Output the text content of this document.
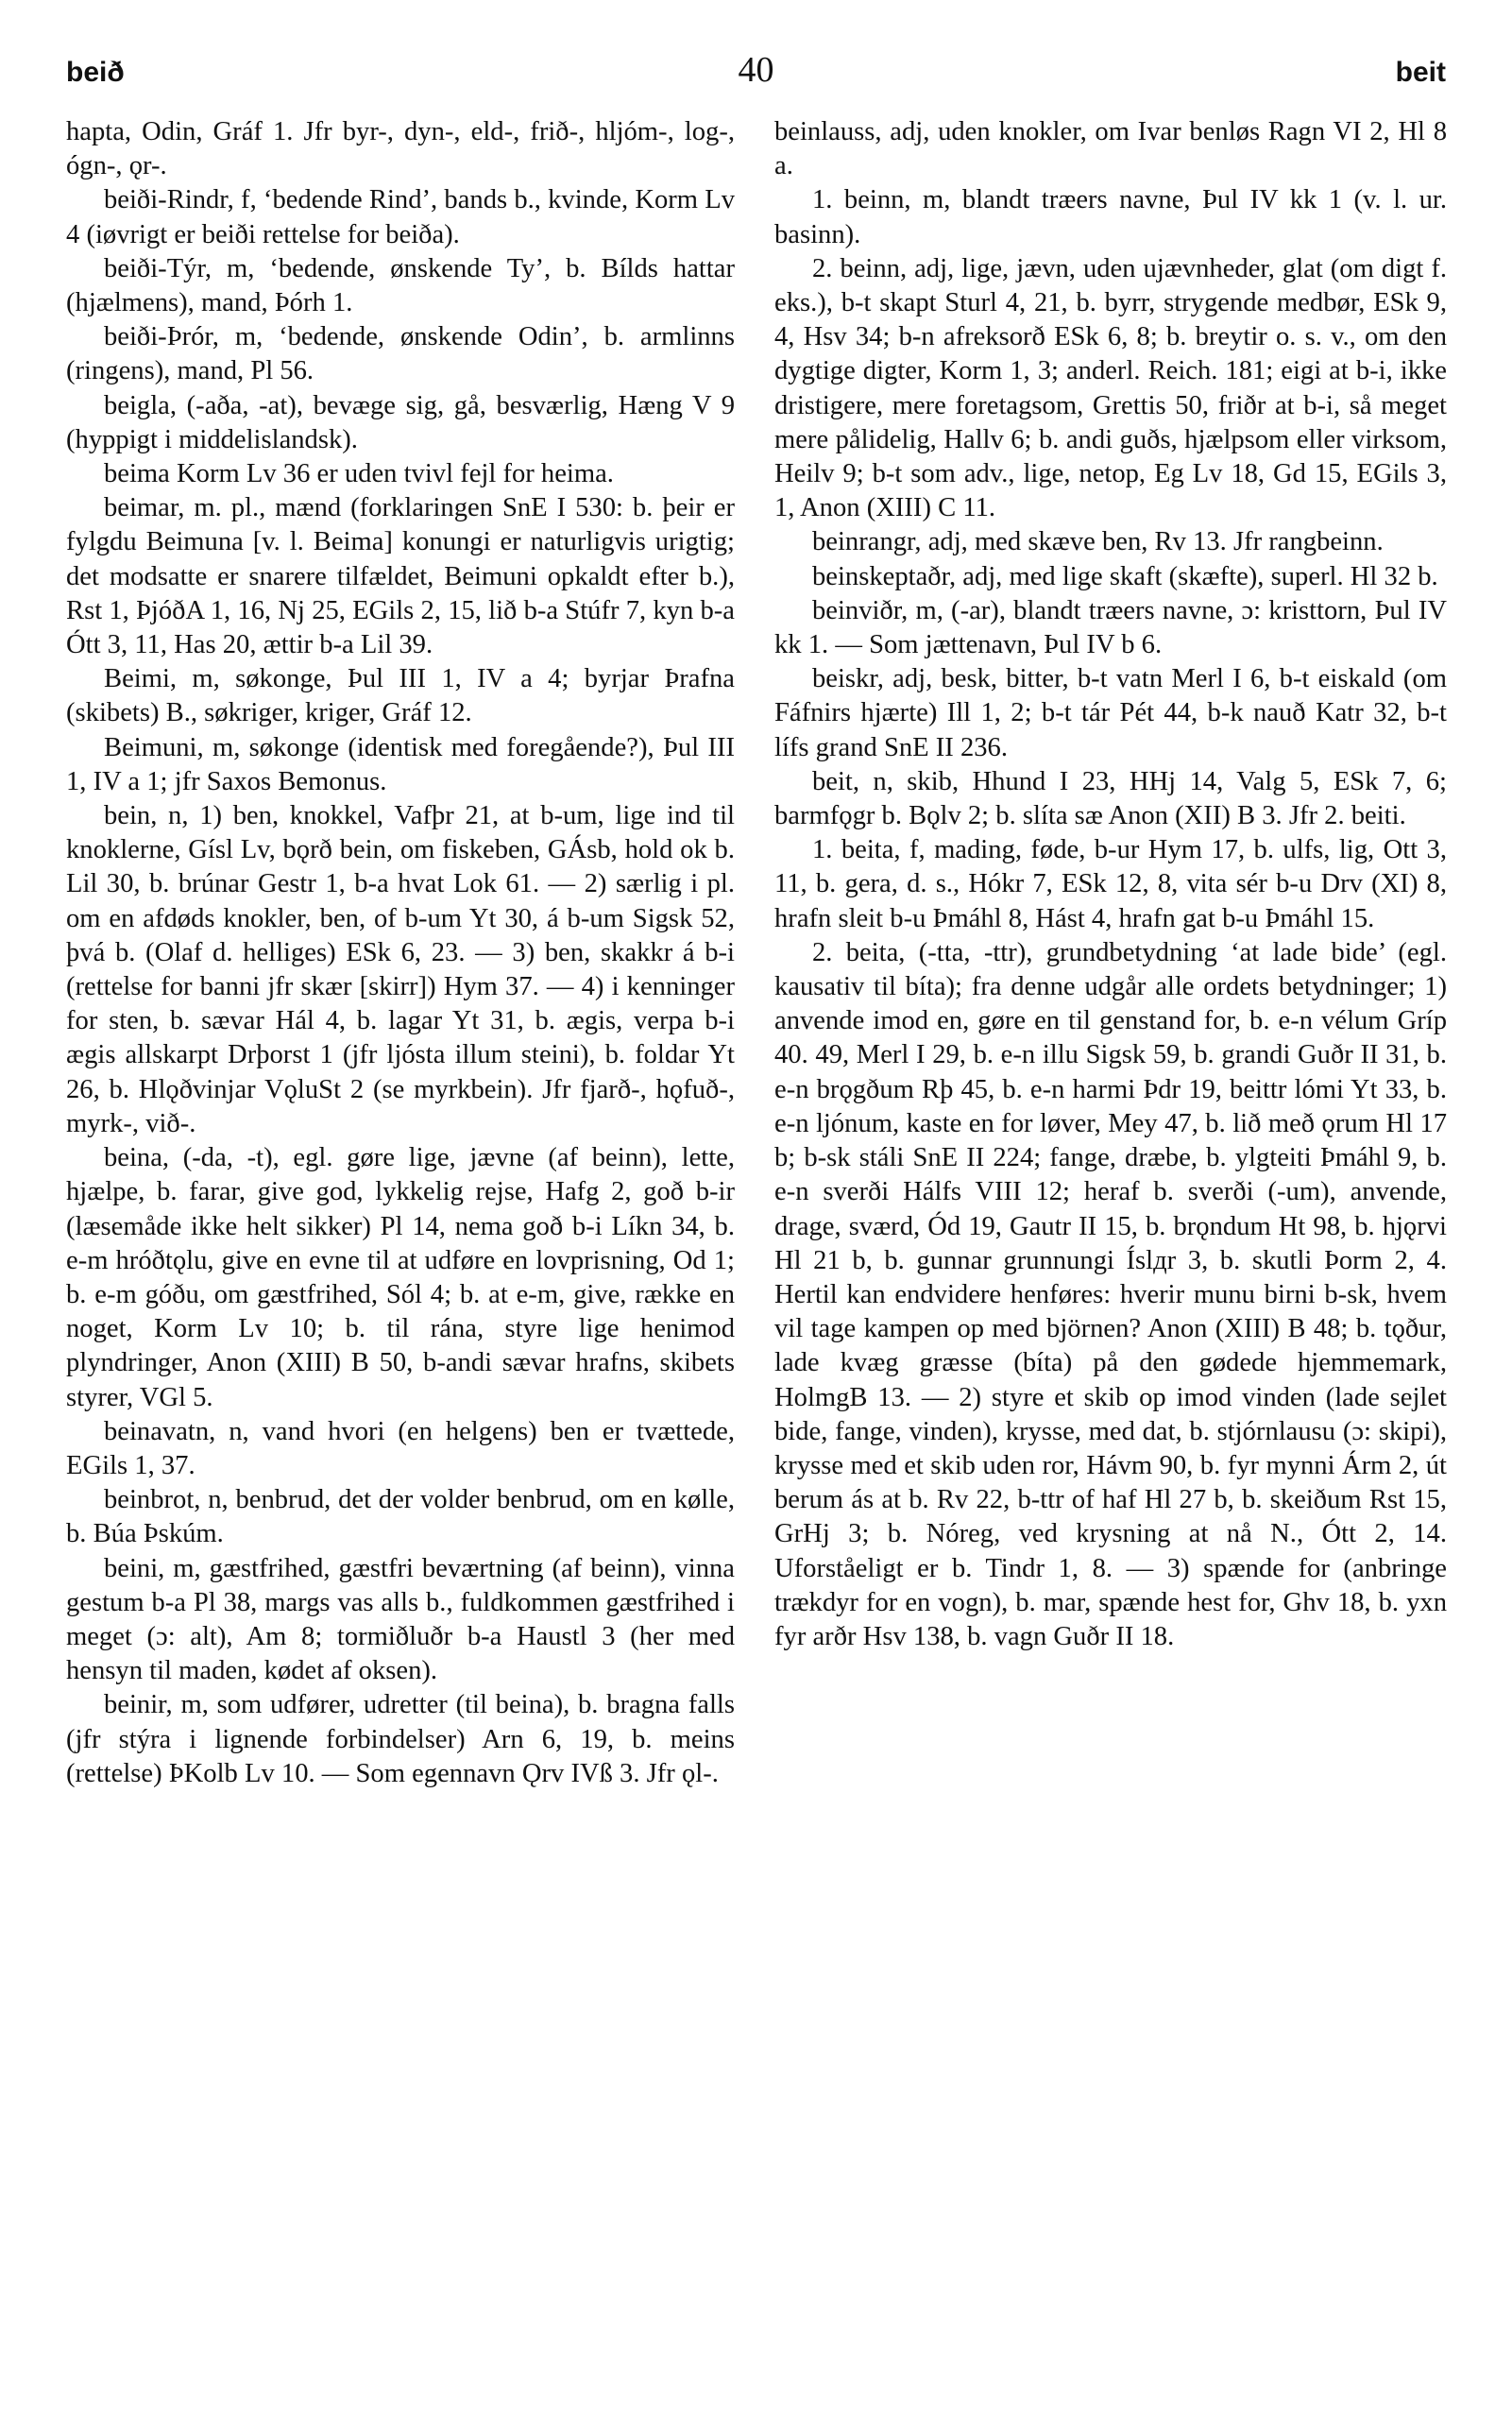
beið	40	beit

hapta, Odin, Gráf 1. Jfr byr-, dyn-, eld-, frið-, hljóm-, log-, ógn-, ǫr-.

beiði-Rindr, f, ‘bedende Rind’, bands b., kvinde, Korm Lv 4 (iøvrigt er beiði rettelse for beiða).

beiði-Týr, m, ‘bedende, ønskende Ty’, b. Bílds hattar (hjælmens), mand, Þórh 1.

beiði-Þrór, m, ‘bedende, ønskende Odin’, b. armlinns (ringens), mand, Pl 56.

beigla, (-aða, -at), bevæge sig, gå, besværlig, Hæng V 9 (hyppigt i middelislandsk).

beima Korm Lv 36 er uden tvivl fejl for heima.

beimar, m. pl., mænd (forklaringen SnE I 530: b. þeir er fylgdu Beimuna [v. l. Beima] konungi er naturligvis urigtig; det modsatte er snarere tilfældet, Beimuni opkaldt efter b.), Rst 1, ÞjóðA 1, 16, Nj 25, EGils 2, 15, lið b-a Stúfr 7, kyn b-a Ótt 3, 11, Has 20, ættir b-a Lil 39.

Beimi, m, søkonge, Þul III 1, IV a 4; byrjar Þrafna (skibets) B., søkriger, kriger, Gráf 12.

Beimuni, m, søkonge (identisk med foregående?), Þul III 1, IV a 1; jfr Saxos Bemonus.

bein, n, 1) ben, knokkel, Vafþr 21, at b-um, lige ind til knoklerne, Gísl Lv, bǫrð bein, om fiskeben, GÁsb, hold ok b. Lil 30, b. brúnar Gestr 1, b-a hvat Lok 61. — 2) særlig i pl. om en afdøds knokler, ben, of b-um Yt 30, á b-um Sigsk 52, þvá b. (Olaf d. helliges) ESk 6, 23. — 3) ben, skakkr á b-i (rettelse for banni jfr skær [skirr]) Hym 37. — 4) i kenninger for sten, b. sævar Hál 4, b. lagar Yt 31, b. ægis, verpa b-i ægis allskarpt Drþorst 1 (jfr ljósta illum steini), b. foldar Yt 26, b. Hlǫðvinjar VǫluSt 2 (se myrkbein). Jfr fjarð-, hǫfuð-, myrk-, við-.

beina, (-da, -t), egl. gøre lige, jævne (af beinn), lette, hjælpe, b. farar, give god, lykkelig rejse, Hafg 2, goð b-ir (læsemåde ikke helt sikker) Pl 14, nema goð b-i Líkn 34, b. e-m hróðtǫlu, give en evne til at udføre en lovprisning, Od 1; b. e-m góðu, om gæstfrihed, Sól 4; b. at e-m, give, række en noget, Korm Lv 10; b. til rána, styre lige henimod plyndringer, Anon (XIII) B 50, b-andi sævar hrafns, skibets styrer, VGl 5.

beinavatn, n, vand hvori (en helgens) ben er tvættede, EGils 1, 37.

beinbrot, n, benbrud, det der volder benbrud, om en kølle, b. Búa Þskúm.

beini, m, gæstfrihed, gæstfri beværtning (af beinn), vinna gestum b-a Pl 38, margs vas alls b., fuldkommen gæstfrihed i meget (ɔ: alt), Am 8; tormiðluðr b-a Haustl 3 (her med hensyn til maden, kødet af oksen).

beinir, m, som udfører, udretter (til beina), b. bragna falls (jfr stýra i lignende forbindelser) Arn 6, 19, b. meins (rettelse) ÞKolb Lv 10. — Som egennavn Ǫrv IVß 3. Jfr ǫl-.

beinlauss, adj, uden knokler, om Ivar benløs Ragn VI 2, Hl 8 a.

1. beinn, m, blandt træers navne, Þul IV kk 1 (v. l. ur. basinn).

2. beinn, adj, lige, jævn, uden ujævnheder, glat (om digt f. eks.), b-t skapt Sturl 4, 21, b. byrr, strygende medbør, ESk 9, 4, Hsv 34; b-n afreksorð ESk 6, 8; b. breytir o. s. v., om den dygtige digter, Korm 1, 3; anderl. Reich. 181; eigi at b-i, ikke dristigere, mere foretagsom, Grettis 50, friðr at b-i, så meget mere pålidelig, Hallv 6; b. andi guðs, hjælpsom eller virksom, Heilv 9; b-t som adv., lige, netop, Eg Lv 18, Gd 15, EGils 3, 1, Anon (XIII) C 11.

beinrangr, adj, med skæve ben, Rv 13. Jfr rangbeinn.

beinskeptaðr, adj, med lige skaft (skæfte), superl. Hl 32 b.

beinviðr, m, (-ar), blandt træers navne, ɔ: kristtorn, Þul IV kk 1. — Som jættenavn, Þul IV b 6.

beiskr, adj, besk, bitter, b-t vatn Merl I 6, b-t eiskald (om Fáfnirs hjærte) Ill 1, 2; b-t tár Pét 44, b-k nauð Katr 32, b-t lífs grand SnE II 236.

beit, n, skib, Hhund I 23, HHj 14, Valg 5, ESk 7, 6; barmfǫgr b. Bǫlv 2; b. slíta sæ Anon (XII) B 3. Jfr 2. beiti.

1. beita, f, mading, føde, b-ur Hym 17, b. ulfs, lig, Ott 3, 11, b. gera, d. s., Hókr 7, ESk 12, 8, vita sér b-u Drv (XI) 8, hrafn sleit b-u Þmáhl 8, Hást 4, hrafn gat b-u Þmáhl 15.

2. beita, (-tta, -ttr), grundbetydning ‘at lade bide’ (egl. kausativ til bíta); fra denne udgår alle ordets betydninger; 1) anvende imod en, gøre en til genstand for, b. e-n vélum Gríp 40. 49, Merl I 29, b. e-n illu Sigsk 59, b. grandi Guðr II 31, b. e-n brǫgðum Rþ 45, b. e-n harmi Þdr 19, beittr lómi Yt 33, b. e-n ljónum, kaste en for løver, Mey 47, b. lið með ǫrum Hl 17 b; b-sk stáli SnE II 224; fange, dræbe, b. ylgteiti Þmáhl 9, b. e-n sverði Hálfs VIII 12; heraf b. sverði (-um), anvende, drage, sværd, Ód 19, Gautr II 15, b. brǫndum Ht 98, b. hjǫrvi Hl 21 b, b. gunnar grunnungi Íslдr 3, b. skutli Þorm 2, 4. Hertil kan endvidere henføres: hverir munu birni b-sk, hvem vil tage kampen op med björnen? Anon (XIII) B 48; b. tǫður, lade kvæg græsse (bíta) på den gødede hjemmemark, HolmgB 13. — 2) styre et skib op imod vinden (lade sejlet bide, fange, vinden), krysse, med dat, b. stjórnlausu (ɔ: skipi), krysse med et skib uden ror, Hávm 90, b. fyr mynni Árm 2, út berum ás at b. Rv 22, b-ttr of haf Hl 27 b, b. skeiðum Rst 15, GrHj 3; b. Nóreg, ved krysning at nå N., Ótt 2, 14. Uforståeligt er b. Tindr 1, 8. — 3) spænde for (anbringe trækdyr for en vogn), b. mar, spænde hest for, Ghv 18, b. yxn fyr arðr Hsv 138, b. vagn Guðr II 18.
